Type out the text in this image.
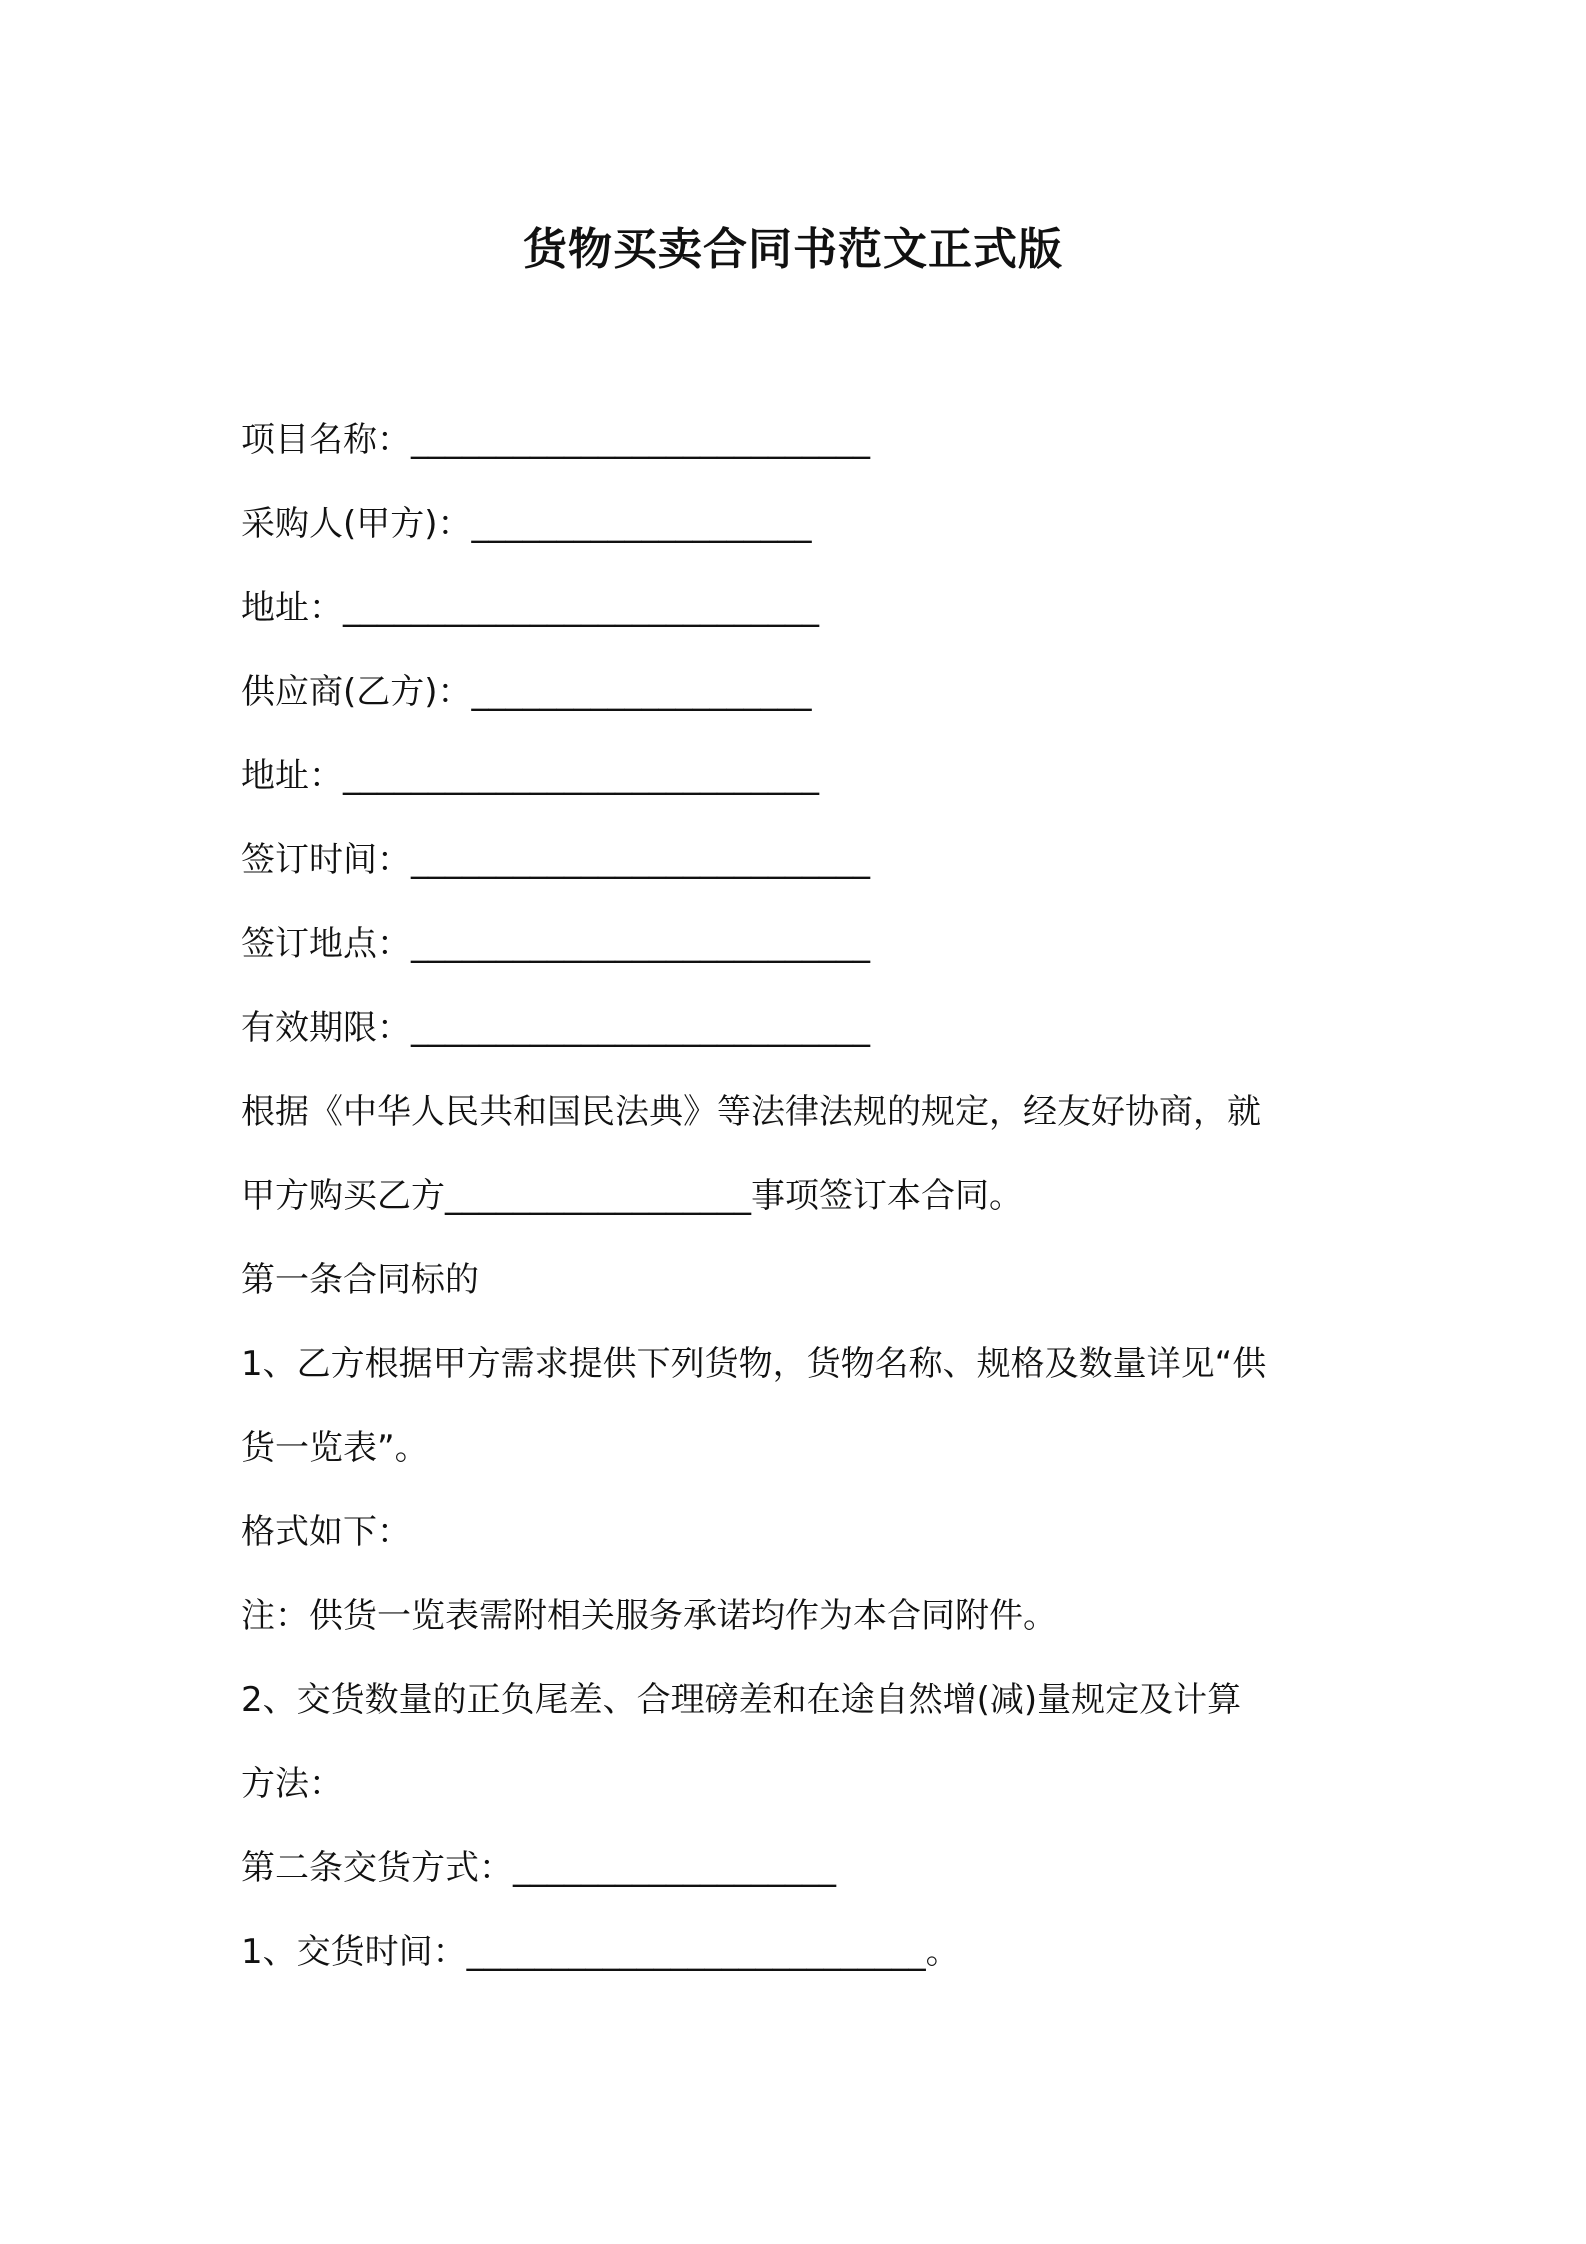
货物买卖合同书范文正式版

项目名称：___________________________

采购人(甲方)：____________________

地址：____________________________

供应商(乙方)：____________________

地址：____________________________

签订时间：___________________________

签订地点：___________________________

有效期限：___________________________

根据《中华人民共和国民法典》等法律法规的规定，经友好协商，就

甲方购买乙方__________________事项签订本合同。

第一条合同标的

1、乙方根据甲方需求提供下列货物，货物名称、规格及数量详见“供

货一览表”。

格式如下：

注：供货一览表需附相关服务承诺均作为本合同附件。

2、交货数量的正负尾差、合理磅差和在途自然增(减)量规定及计算

方法：

第二条交货方式：___________________

1、交货时间：___________________________。
